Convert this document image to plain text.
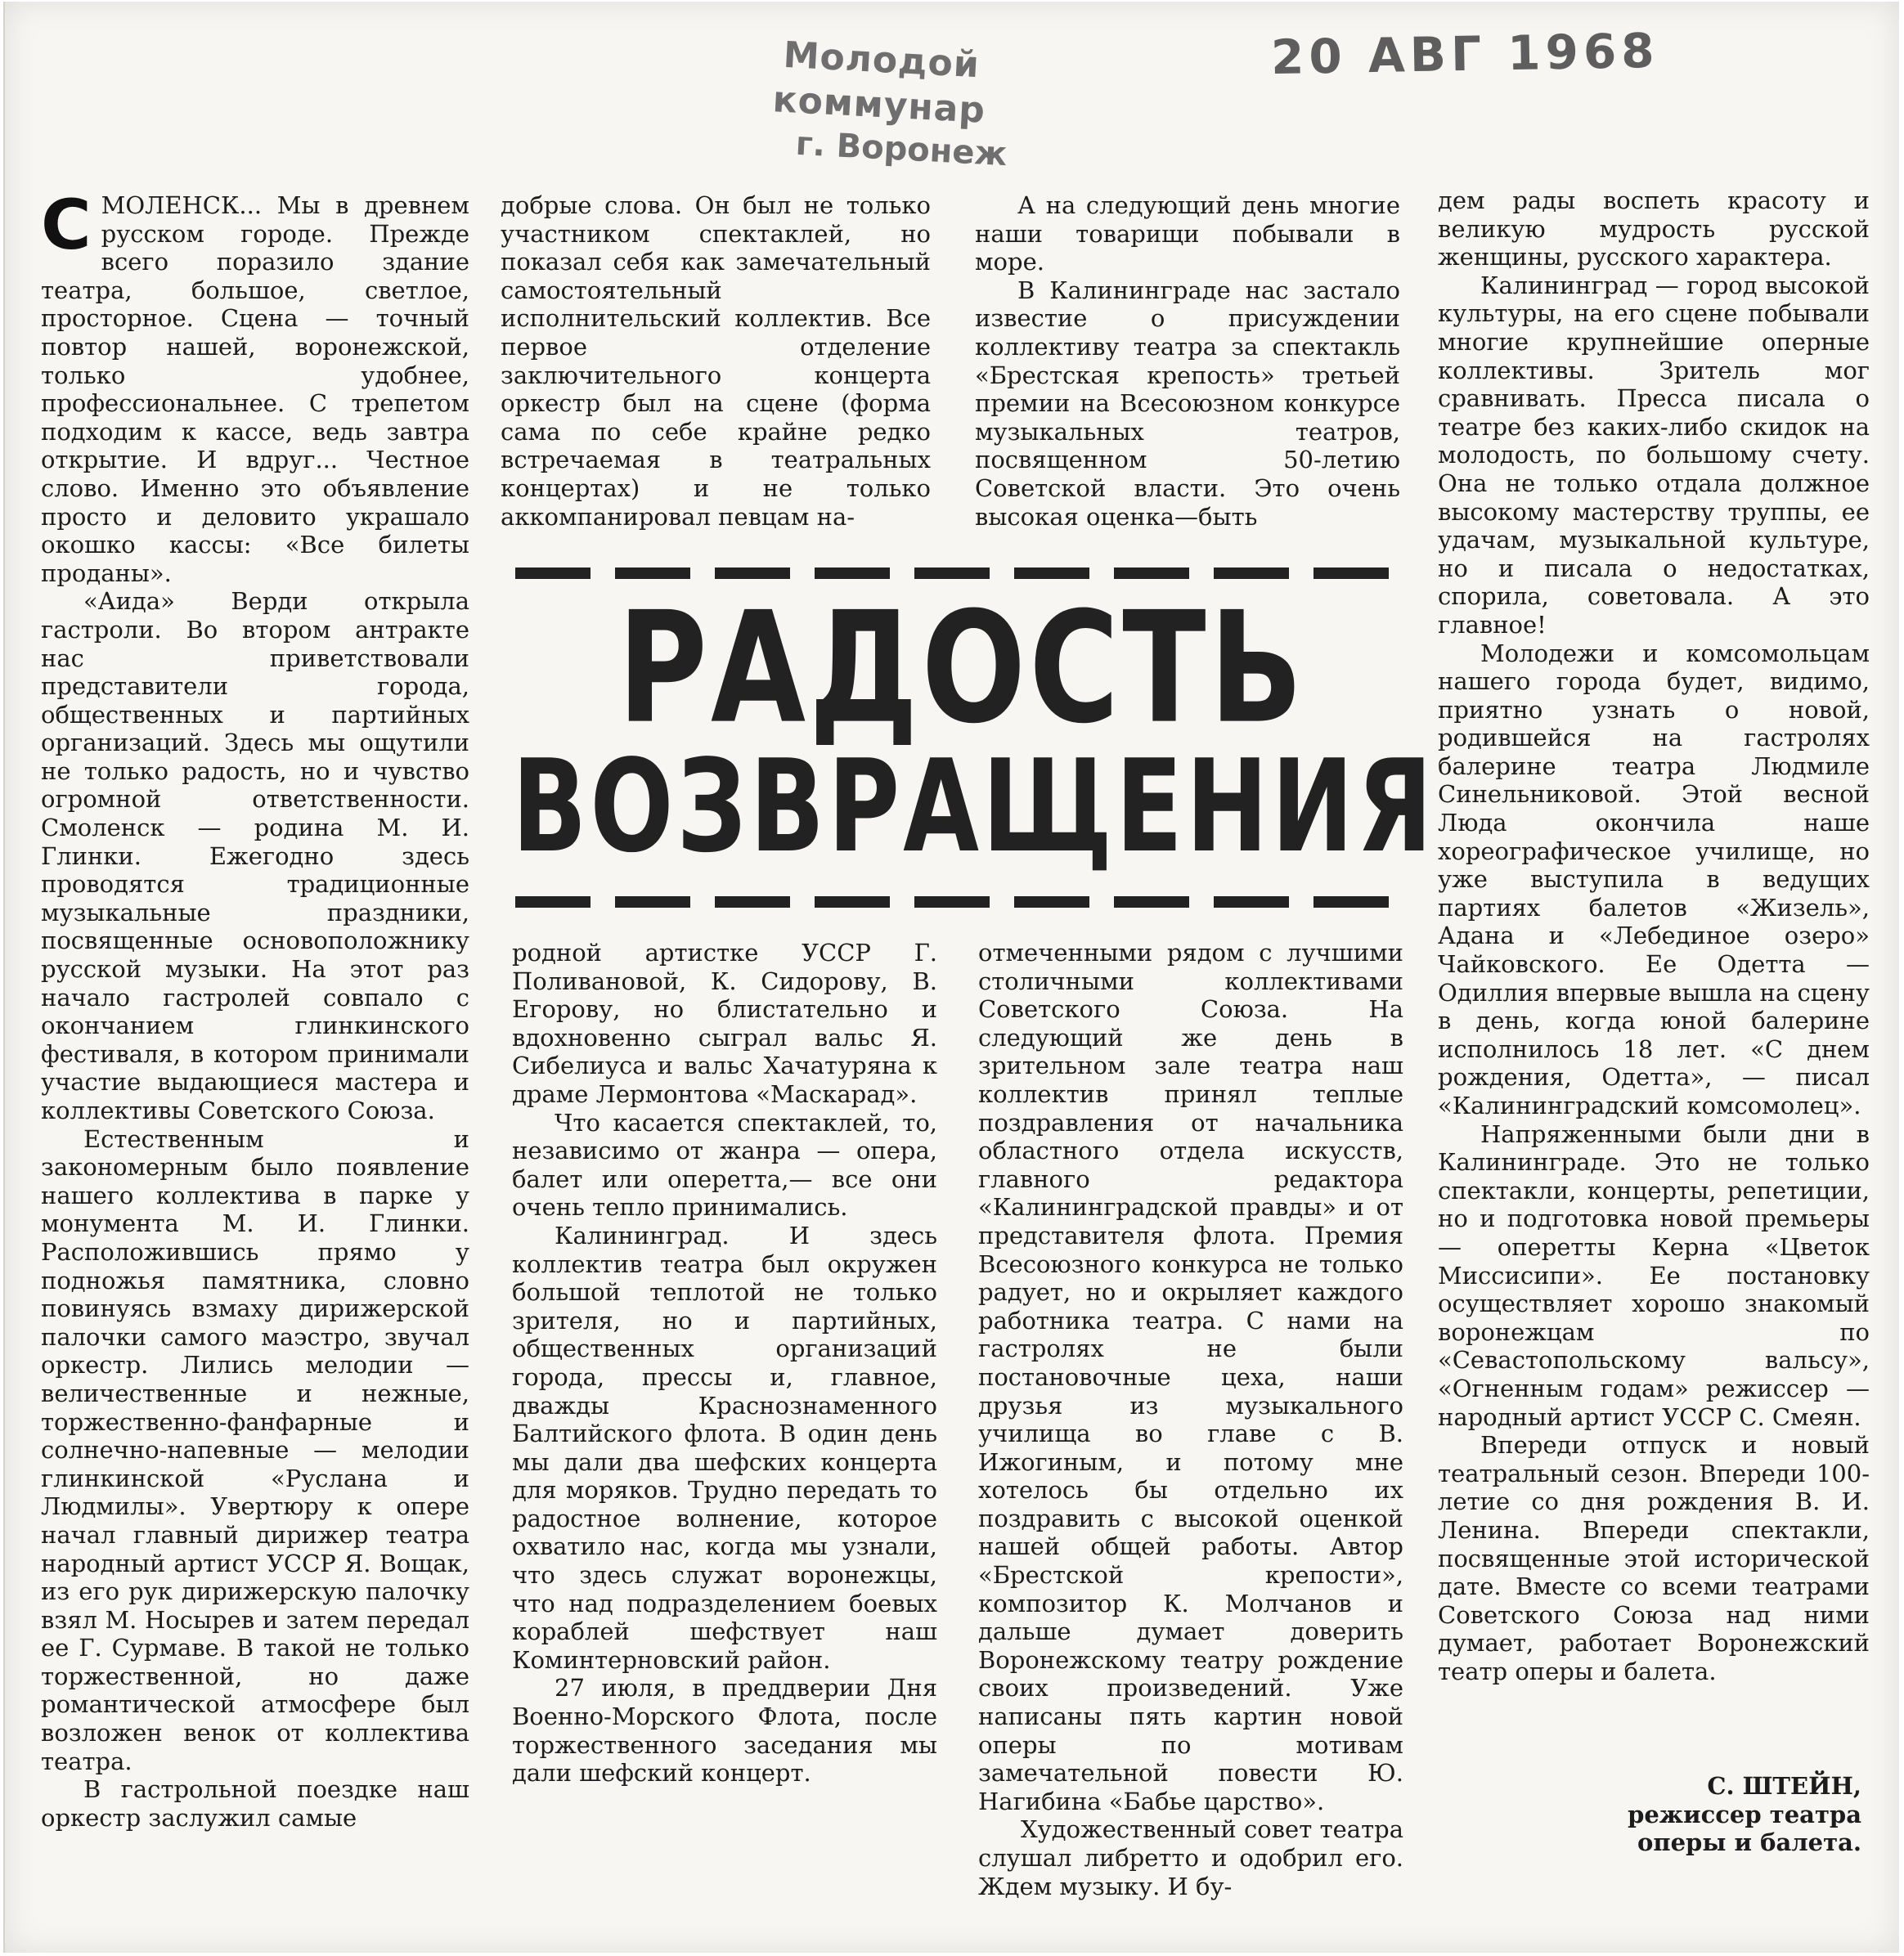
Молодой коммунар
г. Воронеж
20 АВГ 1968

СМОЛЕНСК... Мы в древнем русском городе. Прежде всего поразило здание театра, большое, светлое, просторное. Сцена — точный повтор нашей, воронежской, только удобнее, профессиональнее. С трепетом подходим к кассе, ведь завтра открытие. И вдруг... Честное слово. Именно это объявление просто и деловито украшало окошко кассы: «Все билеты проданы».

«Аида» Верди открыла гастроли. Во втором антракте нас приветствовали представители города, общественных и партийных организаций. Здесь мы ощутили не только радость, но и чувство огромной ответственности. Смоленск — родина М. И. Глинки. Ежегодно здесь проводятся традиционные музыкальные праздники, посвященные основоположнику русской музыки. На этот раз начало гастролей совпало с окончанием глинкинского фестиваля, в котором принимали участие выдающиеся мастера и коллективы Советского Союза.

Естественным и закономерным было появление нашего коллектива в парке у монумента М. И. Глинки. Расположившись прямо у подножья памятника, словно повинуясь взмаху дирижерской палочки самого маэстро, звучал оркестр. Лились мелодии — величественные и нежные, торжественно-фанфарные и солнечно-напевные — мелодии глинкинской «Руслана и Людмилы». Увертюру к опере начал главный дирижер театра народный артист УССР Я. Вощак, из его рук дирижерскую палочку взял М. Носырев и затем передал ее Г. Сурмаве. В такой не только торжественной, но даже романтической атмосфере был возложен венок от коллектива театра.

В гастрольной поездке наш оркестр заслужил самые

добрые слова. Он был не только участником спектаклей, но показал себя как замечательный самостоятельный исполнительский коллектив. Все первое отделение заключительного концерта оркестр был на сцене (форма сама по себе крайне редко встречаемая в театральных концертах) и не только аккомпанировал певцам на-

А на следующий день многие наши товарищи побывали в море.

В Калининграде нас застало известие о присуждении коллективу театра за спектакль «Брестская крепость» третьей премии на Всесоюзном конкурсе музыкальных театров, посвященном 50-летию Советской власти. Это очень высокая оценка—быть

РАДОСТЬ
ВОЗВРАЩЕНИЯ

родной артистке УССР Г. Поливановой, К. Сидорову, В. Егорову, но блистательно и вдохновенно сыграл вальс Я. Сибелиуса и вальс Хачатуряна к драме Лермонтова «Маскарад».

Что касается спектаклей, то, независимо от жанра — опера, балет или оперетта,— все они очень тепло принимались.

Калининград. И здесь коллектив театра был окружен большой теплотой не только зрителя, но и партийных, общественных организаций города, прессы и, главное, дважды Краснознаменного Балтийского флота. В один день мы дали два шефских концерта для моряков. Трудно передать то радостное волнение, которое охватило нас, когда мы узнали, что здесь служат воронежцы, что над подразделением боевых кораблей шефствует наш Коминтерновский район.

27 июля, в преддверии Дня Военно-Морского Флота, после торжественного заседания мы дали шефский концерт.

отмеченными рядом с лучшими столичными коллективами Советского Союза. На следующий же день в зрительном зале театра наш коллектив принял теплые поздравления от начальника областного отдела искусств, главного редактора «Калининградской правды» и от представителя флота. Премия Всесоюзного конкурса не только радует, но и окрыляет каждого работника театра. С нами на гастролях не были постановочные цеха, наши друзья из музыкального училища во главе с В. Ижогиным, и потому мне хотелось бы отдельно их поздравить с высокой оценкой нашей общей работы. Автор «Брестской крепости», композитор К. Молчанов и дальше думает доверить Воронежскому театру рождение своих произведений. Уже написаны пять картин новой оперы по мотивам замечательной повести Ю. Нагибина «Бабье царство».

Художественный совет театра слушал либретто и одобрил его. Ждем музыку. И бу-

дем рады воспеть красоту и великую мудрость русской женщины, русского характера.

Калининград — город высокой культуры, на его сцене побывали многие крупнейшие оперные коллективы. Зритель мог сравнивать. Пресса писала о театре без каких-либо скидок на молодость, по большому счету. Она не только отдала должное высокому мастерству труппы, ее удачам, музыкальной культуре, но и писала о недостатках, спорила, советовала. А это главное!

Молодежи и комсомольцам нашего города будет, видимо, приятно узнать о новой, родившейся на гастролях балерине театра Людмиле Синельниковой. Этой весной Люда окончила наше хореографическое училище, но уже выступила в ведущих партиях балетов «Жизель», Адана и «Лебединое озеро» Чайковского. Ее Одетта — Одиллия впервые вышла на сцену в день, когда юной балерине исполнилось 18 лет. «С днем рождения, Одетта», — писал «Калининградский комсомолец».

Напряженными были дни в Калининграде. Это не только спектакли, концерты, репетиции, но и подготовка новой премьеры — оперетты Керна «Цветок Миссисипи». Ее постановку осуществляет хорошо знакомый воронежцам по «Севастопольскому вальсу», «Огненным годам» режиссер — народный артист УССР С. Смеян.

Впереди отпуск и новый театральный сезон. Впереди 100-летие со дня рождения В. И. Ленина. Впереди спектакли, посвященные этой исторической дате. Вместе со всеми театрами Советского Союза над ними думает, работает Воронежский театр оперы и балета.

С. ШТЕЙН,
режиссер театра
оперы и балета.
